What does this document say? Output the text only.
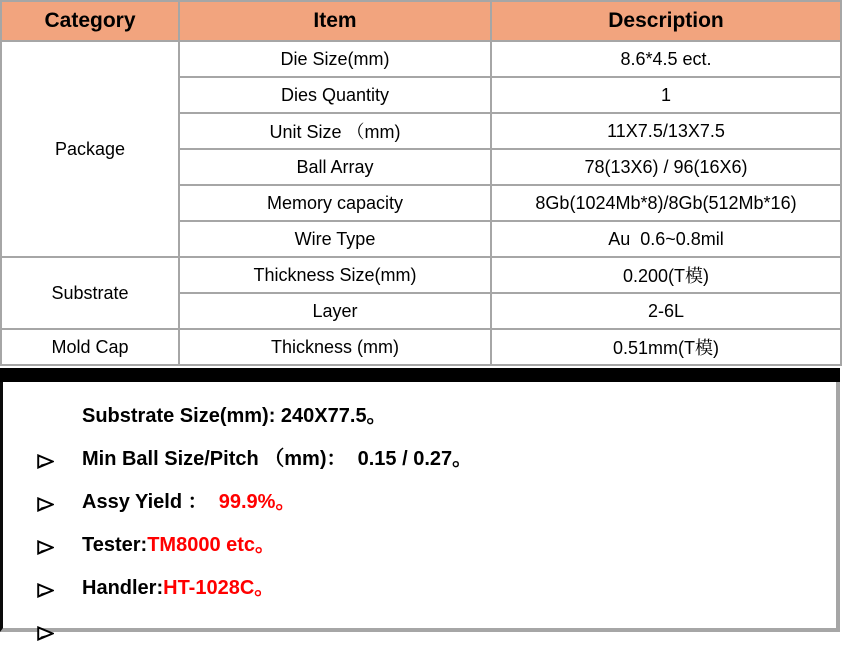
Category	Item	Description
Package	Die Size(mm)	8.6*4.5 ect.
	Dies Quantity	1
	Unit Size （mm)	11X7.5/13X7.5
	Ball Array	78(13X6) / 96(16X6)
	Memory capacity	8Gb(1024Mb*8)/8Gb(512Mb*16)
	Wire Type	Au  0.6~0.8mil
Substrate	Thickness Size(mm)	0.200(T模)
	Layer	2-6L
Mold Cap	Thickness (mm)	0.51mm(T模)

Substrate Size(mm): 240X77.5。

Min Ball Size/Pitch （mm)：  0.15 / 0.27。

Assy Yield ：  99.9%。

Tester:TM8000 etc。

Handler:HT-1028C。
